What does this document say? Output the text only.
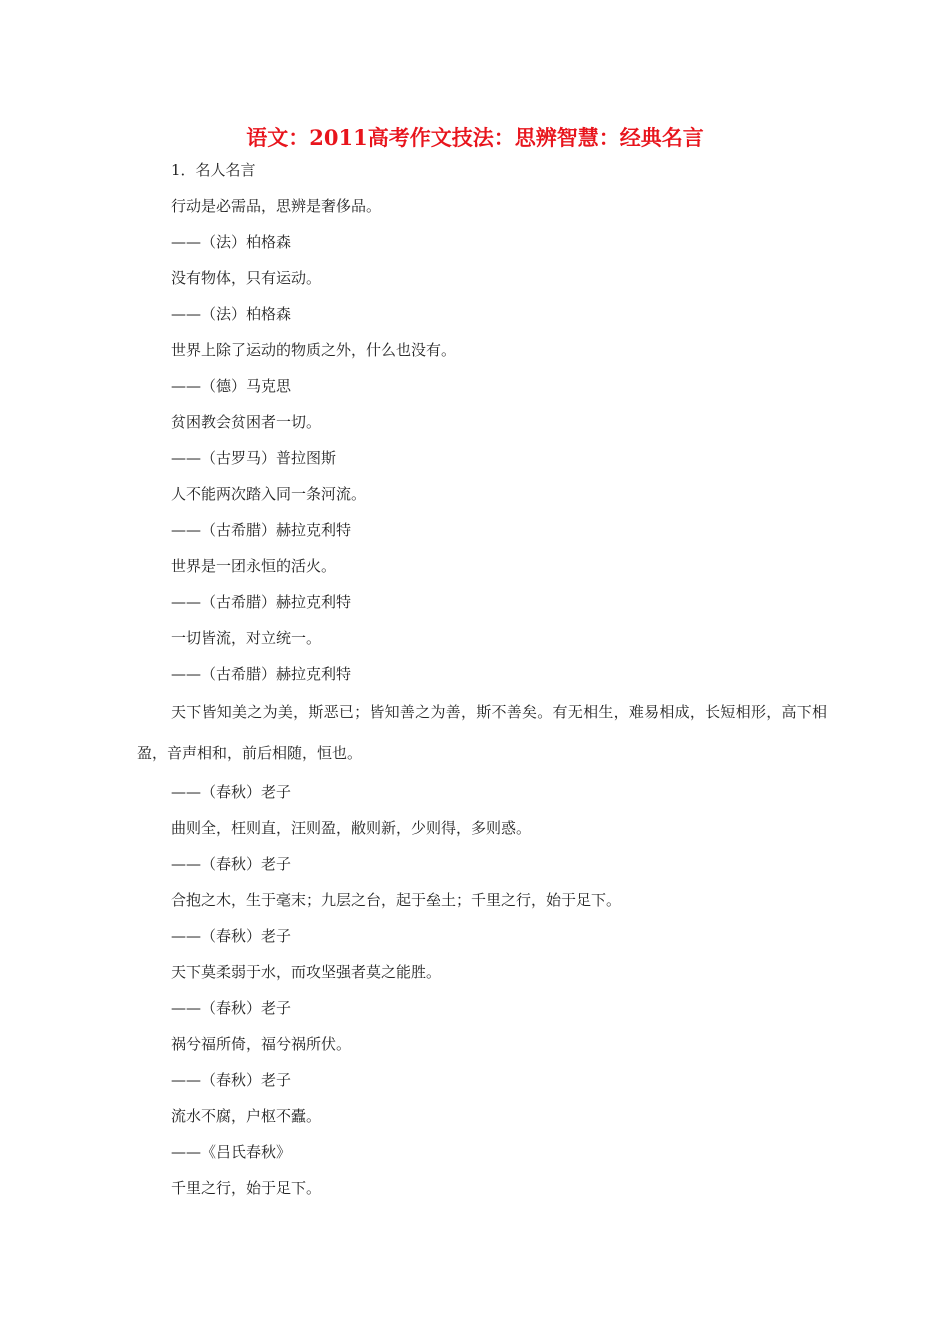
语文：2011高考作文技法：思辨智慧：经典名言
1．名人名言
行动是必需品，思辨是奢侈品。
——（法）柏格森
没有物体，只有运动。
——（法）柏格森
世界上除了运动的物质之外，什么也没有。
——（德）马克思
贫困教会贫困者一切。
——（古罗马）普拉图斯
人不能两次踏入同一条河流。
——（古希腊）赫拉克利特
世界是一团永恒的活火。
——（古希腊）赫拉克利特
一切皆流，对立统一。
——（古希腊）赫拉克利特

天下皆知美之为美，斯恶已；皆知善之为善，斯不善矣。有无相生，难易相成，长短相形，高下相盈，音声相和，前后相随，恒也。

——（春秋）老子
曲则全，枉则直，汪则盈，敝则新，少则得，多则惑。
——（春秋）老子
合抱之木，生于毫末；九层之台，起于垒土；千里之行，始于足下。
——（春秋）老子
天下莫柔弱于水，而攻坚强者莫之能胜。
——（春秋）老子
祸兮福所倚，福兮祸所伏。
——（春秋）老子
流水不腐，户枢不蠹。
——《吕氏春秋》
千里之行，始于足下。
